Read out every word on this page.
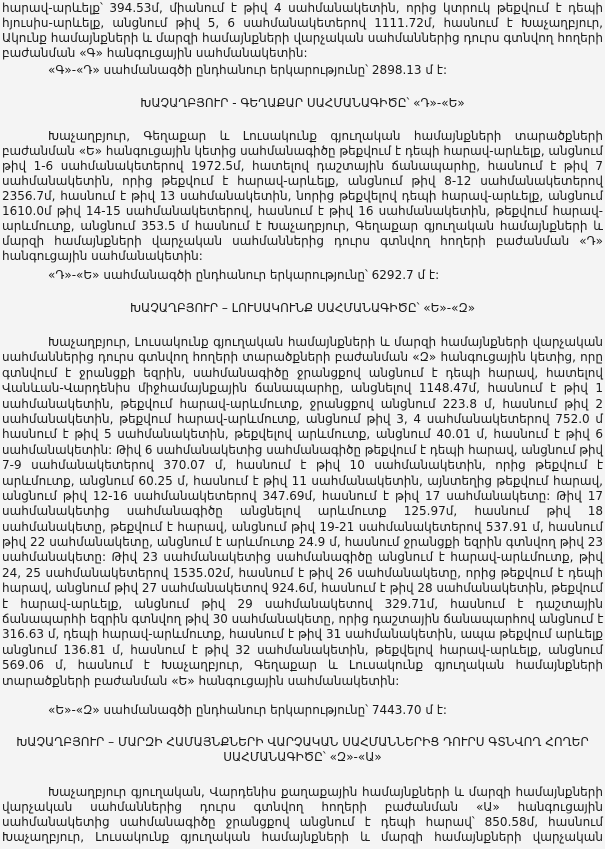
հարավ-արևելք՝ 394.53մ, միանում է թիվ 4 սահմանակետին, որից կտրուկ թեքվում է դեպի
հյուսիս-արևելք, անցնում թիվ 5, 6 սահմանակետերով 1111.72մ, հասնում է Խաչաղբյուր,
Ակունք համայնքների և մարզի համայնքների վարչական սահմաններից դուրս գտնվող հողերի
բաժանման «Գ» հանգուցային սահմանակետին:
«Գ»-«Դ» սահմանագծի ընդհանուր երկարությունը՝ 2898.13 մ է:
ԽԱՉԱՂԲՅՈՒՐ - ԳԵՂԱՔԱՐ ՍԱՀՄԱՆԱԳԻԾԸ՝ «Դ»-«Ե»
Խաչաղբյուր, Գեղաքար և Լուսակունք գյուղական համայնքների տարածքների
բաժանման «Ե» հանգուցային կետից սահմանագիծը թեքվում է դեպի հարավ-արևելք, անցնում
թիվ 1-6 սահմանակետերով 1972.5մ, հատելով դաշտային ճանապարհը, հասնում է թիվ 7
սահմանակետին, որից թեքվում է հարավ-արևելք, անցնում թիվ 8-12 սահմանակետերով
2356.7մ, հասնում է թիվ 13 սահմանակետին, նորից թեքվելով դեպի հարավ-արևելք, անցնում
1610.0մ թիվ 14-15 սահմանակետերով, հասնում է թիվ 16 սահմանակետին, թեքվում հարավ-
արևմուտք, անցնում 353.5 մ հասնում է Խաչաղբյուր, Գեղաքար գյուղական համայնքների և
մարզի համայնքների վարչական սահմաններից դուրս գտնվող հողերի բաժանման «Դ»
հանգուցային սահմանակետին:
«Դ»-«Ե» սահմանագծի ընդհանուր երկարությունը՝ 6292.7 մ է:
ԽԱՉԱՂԲՅՈՒՐ – ԼՈՒՍԱԿՈՒՆՔ ՍԱՀՄԱՆԱԳԻԾԸ՝ «Ե»-«Զ»
Խաչաղբյուր, Լուսակունք գյուղական համայնքների և մարզի համայնքների վարչական
սահմաններից դուրս գտնվող հողերի տարածքների բաժանման «Զ» հանգուցային կետից, որը
գտնվում է ջրանցքի եզրին, սահմանագիծը ջրանցքով անցնում է դեպի հարավ, հատելով
Վանևան-Վարդենիս միջհամայնքային ճանապարհը, անցնելով 1148.47մ, հասնում է թիվ 1
սահմանակետին, թեքվում հարավ-արևմուտք, ջրանցքով անցնում 223.8 մ, հասնում թիվ 2
սահմանակետին, թեքվում հարավ-արևմուտք, անցնում թիվ 3, 4 սահմանակետերով 752.0 մ
հասնում է թիվ 5 սահմանակետին, թեքվելով արևմուտք, անցնում 40.01 մ, հասնում է թիվ 6
սահմանակետին: Թիվ 6 սահմանակետից սահմանագիծը թեքվում է դեպի հարավ, անցնում թիվ
7-9 սահմանակետերով 370.07 մ, հասնում է թիվ 10 սահմանակետին, որից թեքվում է
արևմուտք, անցնում 60.25 մ, հասնում է թիվ 11 սահմանակետին, այնտեղից թեքվում հարավ,
անցնում թիվ 12-16 սահմանակետերով 347.69մ, հասնում է թիվ 17 սահմանակետը: Թիվ 17
սահմանակետից սահմանագիծը անցնելով արևմուտք 125.97մ, հասնում թիվ 18
սահմանակետը, թեքվում է հարավ, անցնում թիվ 19-21 սահմանակետերով 537.91 մ, հասնում
թիվ 22 սահմանակետը, անցնում է արևմուտք 24.9 մ, հասնում ջրանցքի եզրին գտնվող թիվ 23
սահմանակետը: Թիվ 23 սահմանակետից սահմանագիծը անցնում է հարավ-արևմուտք, թիվ
24, 25 սահմանակետերով 1535.02մ, հասնում է թիվ 26 սահմանակետը, որից թեքվում է դեպի
հարավ, անցնում թիվ 27 սահմանակետով 924.6մ, հասնում է թիվ 28 սահմանակետին, թեքվում
է հարավ-արևելք, անցնում թիվ 29 սահմանակետով 329.71մ, հասնում է դաշտային
ճանապարհի եզրին գտնվող թիվ 30 սահմանակետը, որից դաշտային ճանապարհով անցնում է
316.63 մ, դեպի հարավ-արևմուտք, հասնում է թիվ 31 սահմանակետին, ապա թեքվում արևելք
անցնում 136.81 մ, հասնում է թիվ 32 սահմանակետին, թեքվելով հարավ-արևելք, անցնում
569.06 մ, հասնում է Խաչաղբյուր, Գեղաքար և Լուսակունք գյուղական համայնքների
տարածքների բաժանման «Ե» հանգուցային սահմանակետին:
«Ե»-«Զ» սահմանագծի ընդհանուր երկարությունը՝ 7443.70 մ է:
ԽԱՉԱՂԲՅՈՒՐ – ՄԱՐԶԻ ՀԱՄԱՅՆՔՆԵՐԻ ՎԱՐՉԱԿԱՆ ՍԱՀՄԱՆՆԵՐԻՑ ԴՈՒՐՍ ԳՏՆՎՈՂ ՀՈՂԵՐ
ՍԱՀՄԱՆԱԳԻԾԸ՝ «Զ»-«Ա»
Խաչաղբյուր գյուղական, Վարդենիս քաղաքային համայնքների և մարզի համայնքների
վարչական սահմաններից դուրս գտնվող հողերի բաժանման «Ա» հանգուցային
սահմանակետից սահմանագիծը ջրանցքով անցնում է դեպի հարավ՝ 850.58մ, հասնում
Խաչաղբյուր, Լուսակունք գյուղական համայնքների և մարզի համայնքների վարչական
